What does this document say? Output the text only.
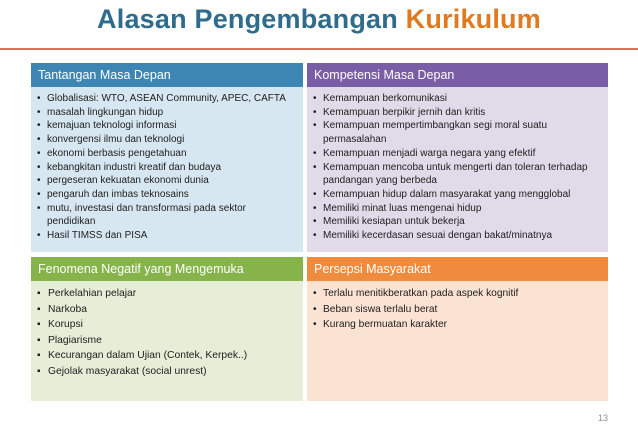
Alasan Pengembangan Kurikulum
Tantangan Masa Depan
• Globalisasi: WTO, ASEAN Community, APEC, CAFTA
• masalah lingkungan hidup
• kemajuan teknologi informasi
• konvergensi ilmu dan teknologi
• ekonomi berbasis pengetahuan
• kebangkitan industri kreatif dan budaya
• pergeseran kekuatan ekonomi dunia
• pengaruh dan imbas teknosains
• mutu, investasi dan transformasi pada sektor pendidikan
• Hasil TIMSS dan PISA
Kompetensi Masa Depan
• Kemampuan berkomunikasi
• Kemampuan berpikir jernih dan kritis
• Kemampuan mempertimbangkan segi moral suatu permasalahan
• Kemampuan menjadi warga negara yang efektif
• Kemampuan mencoba untuk mengerti dan toleran terhadap pandangan yang berbeda
• Kemampuan hidup dalam masyarakat yang mengglobal
• Memiliki minat luas mengenai hidup
• Memiliki kesiapan untuk bekerja
• Memiliki kecerdasan sesuai dengan bakat/minatnya
Fenomena Negatif yang Mengemuka
▪ Perkelahian pelajar
▪ Narkoba
▪ Korupsi
▪ Plagiarisme
▪ Kecurangan dalam Ujian (Contek, Kerpek..)
▪ Gejolak masyarakat (social unrest)
Persepsi Masyarakat
• Terlalu menitikberatkan pada aspek kognitif
• Beban siswa terlalu berat
• Kurang bermuatan karakter
13
